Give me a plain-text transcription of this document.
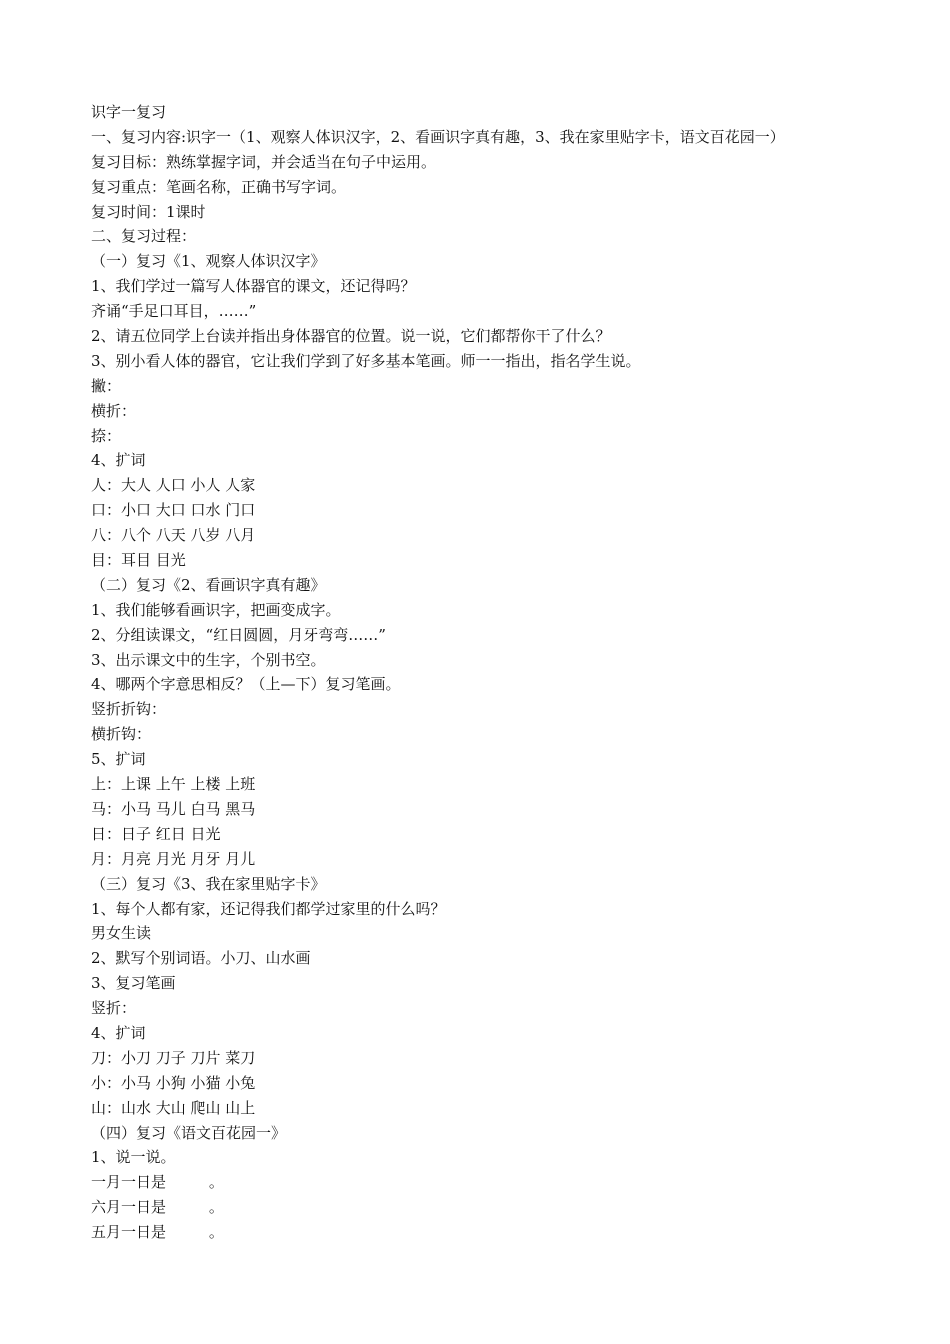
识字一复习
一、复习内容:识字一（1、观察人体识汉字，2、看画识字真有趣，3、我在家里贴字卡，语文百花园一）
复习目标：熟练掌握字词，并会适当在句子中运用。
复习重点：笔画名称，正确书写字词。
复习时间：1课时
二、复习过程：
（一）复习《1、观察人体识汉字》
1、我们学过一篇写人体器官的课文，还记得吗？
齐诵“手足口耳目，……”
2、请五位同学上台读并指出身体器官的位置。说一说，它们都帮你干了什么？
3、别小看人体的器官，它让我们学到了好多基本笔画。师一一指出，指名学生说。
撇：
横折：
捺：
4、扩词
人：大人 人口 小人 人家
口：小口 大口 口水 门口
八：八个 八天 八岁 八月
目：耳目 目光
（二）复习《2、看画识字真有趣》
1、我们能够看画识字，把画变成字。
2、分组读课文，“红日圆圆，月牙弯弯……”
3、出示课文中的生字，个别书空。
4、哪两个字意思相反？（上—下）复习笔画。
竖折折钩：
横折钩：
5、扩词
上：上课 上午 上楼 上班
马：小马 马儿 白马 黑马
日：日子 红日 日光
月：月亮 月光 月牙 月儿
（三）复习《3、我在家里贴字卡》
1、每个人都有家，还记得我们都学过家里的什么吗？
男女生读
2、默写个别词语。小刀、山水画
3、复习笔画
竖折：
4、扩词
刀：小刀 刀子 刀片 菜刀
小：小马 小狗 小猫 小兔
山：山水 大山 爬山 山上
（四）复习《语文百花园一》
1、说一说。
一月一日是         。
六月一日是         。
五月一日是         。
